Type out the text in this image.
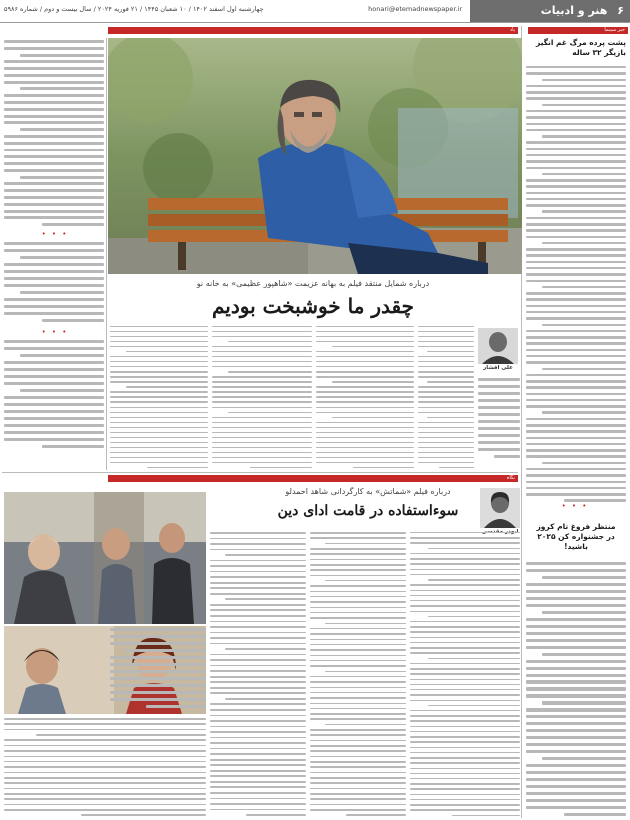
۶ هنر و ادبیات
honari@etemadnewspaper.ir
چهارشنبه اول اسفند ۱۴۰۲ / ۱۰ شعبان ۱۴۴۵ / ۲۱ فوریه ۲۰۲۴ / سال بیست و دوم / شماره ۵۹۸۶
خبر سینما
پشت پرده مرگ غم انگیز بازیگر ۳۲ ساله
• • •
منتظر فروغ تام کروز
در جشنواره کن ۲۰۲۵ باشید!
یاد
• • •
• • •
درباره شمایل منتقد فیلم به بهانه عزیمت «شاهپور عظیمی» به خانه نو
چقدر ما خوشبخت بودیم
علی افشار
نگاه
درباره فیلم «شماتش» به کارگردانی شاهد احمدلو
سوءاستفاده در قامت ادای دین
